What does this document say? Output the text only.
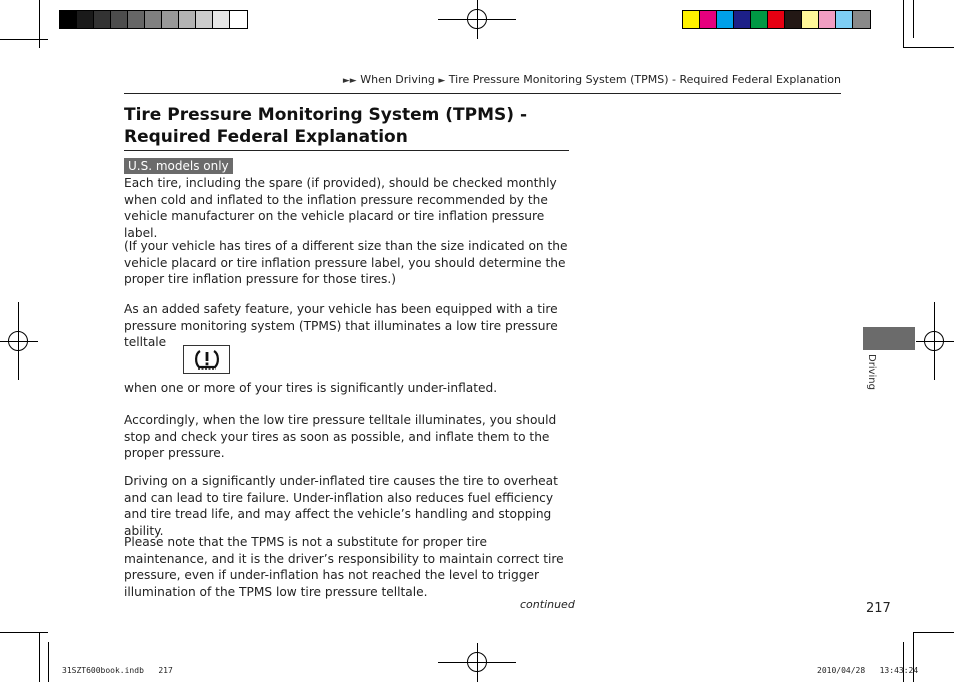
►► When Driving ► Tire Pressure Monitoring System (TPMS) - Required Federal Explanation
Tire Pressure Monitoring System (TPMS) - Required Federal Explanation
U.S. models only

Each tire, including the spare (if provided), should be checked monthly when cold and inflated to the inflation pressure recommended by the vehicle manufacturer on the vehicle placard or tire inflation pressure label.

(If your vehicle has tires of a different size than the size indicated on the vehicle placard or tire inflation pressure label, you should determine the proper tire inflation pressure for those tires.)

As an added safety feature, your vehicle has been equipped with a tire pressure monitoring system (TPMS) that illuminates a low tire pressure telltale

when one or more of your tires is significantly under-inflated.

Accordingly, when the low tire pressure telltale illuminates, you should stop and check your tires as soon as possible, and inflate them to the proper pressure.

Driving on a significantly under-inflated tire causes the tire to overheat and can lead to tire failure. Under-inflation also reduces fuel efficiency and tire tread life, and may affect the vehicle’s handling and stopping ability.

Please note that the TPMS is not a substitute for proper tire maintenance, and it is the driver’s responsibility to maintain correct tire pressure, even if under-inflation has not reached the level to trigger illumination of the TPMS low tire pressure telltale.

continued	217
Driving
31SZT600book.indb   217	2010/04/28   13:43:24
